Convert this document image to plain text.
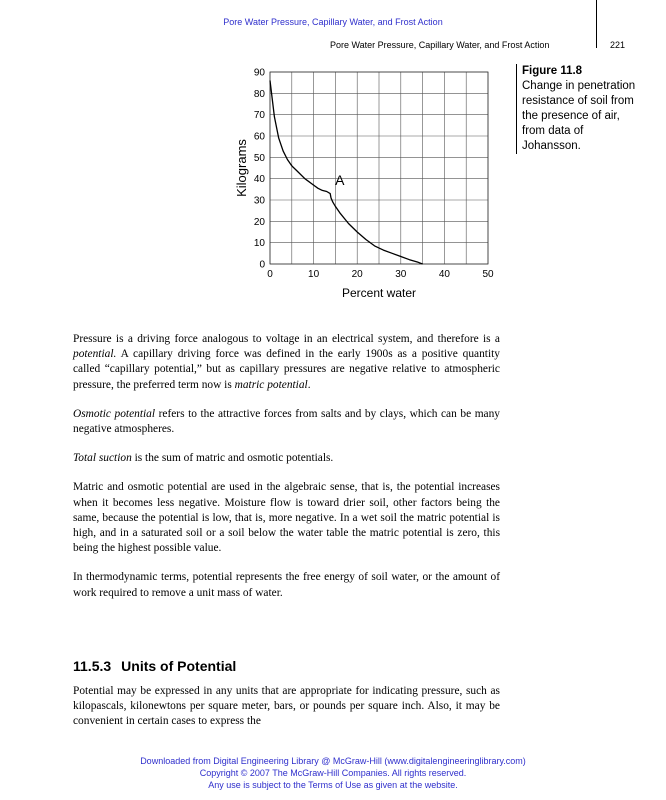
Pore Water Pressure, Capillary Water, and Frost Action
Pore Water Pressure, Capillary Water, and Frost Action	221
0	10	20	30	40	50
0
10
20
30
40
50
60
70
80
90
Percent water
Kilograms	A
Figure 11.8
Change in penetration resistance of soil from the presence of air, from data of Johansson.

Pressure is a driving force analogous to voltage in an electrical system, and therefore is a potential. A capillary driving force was defined in the early 1900s as a positive quantity called “capillary potential,” but as capillary pressures are negative relative to atmospheric pressure, the preferred term now is matric potential.

Osmotic potential refers to the attractive forces from salts and by clays, which can be many negative atmospheres.

Total suction is the sum of matric and osmotic potentials.

Matric and osmotic potential are used in the algebraic sense, that is, the potential increases when it becomes less negative. Moisture flow is toward drier soil, other factors being the same, because the potential is low, that is, more negative. In a wet soil the matric potential is high, and in a saturated soil or a soil below the water table the matric potential is zero, this being the highest possible value.

In thermodynamic terms, potential represents the free energy of soil water, or the amount of work required to remove a unit mass of water.

11.5.3 Units of Potential

Potential may be expressed in any units that are appropriate for indicating pressure, such as kilopascals, kilonewtons per square meter, bars, or pounds per square inch. Also, it may be convenient in certain cases to express the

Downloaded from Digital Engineering Library @ McGraw-Hill (www.digitalengineeringlibrary.com)
Copyright © 2007 The McGraw-Hill Companies. All rights reserved.
Any use is subject to the Terms of Use as given at the website.
